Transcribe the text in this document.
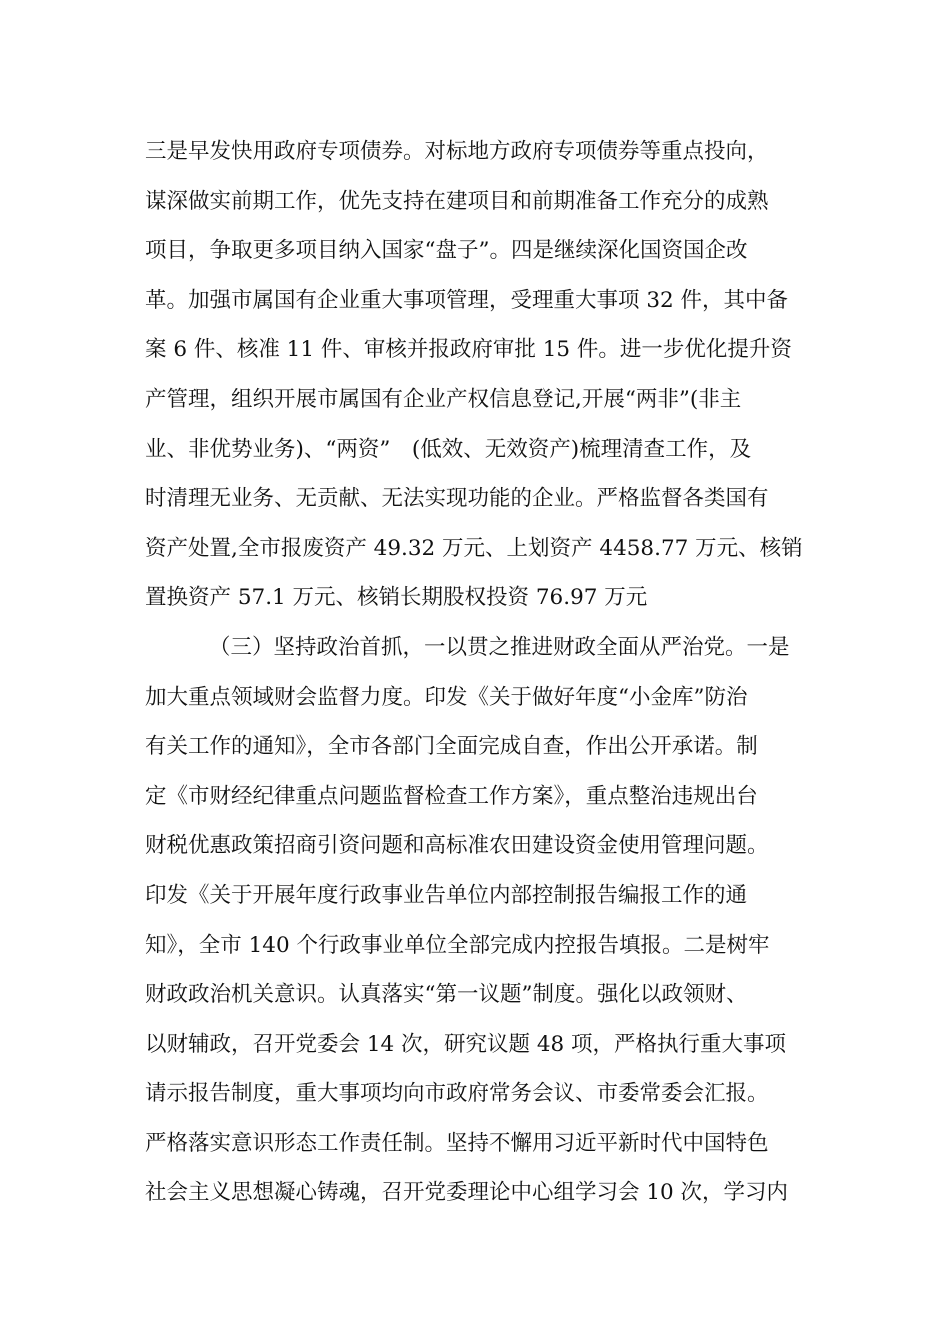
三是早发快用政府专项债券。对标地方政府专项债券等重点投向，
谋深做实前期工作，优先支持在建项目和前期准备工作充分的成熟
项目，争取更多项目纳入国家“盘子”。四是继续深化国资国企改
革。加强市属国有企业重大事项管理，受理重大事项 32 件，其中备
案 6 件、核准 11 件、审核并报政府审批 15 件。进一步优化提升资
产管理，组织开展市属国有企业产权信息登记,开展“两非”(非主
业、非优势业务)、“两资”　(低效、无效资产)梳理清查工作，及
时清理无业务、无贡献、无法实现功能的企业。严格监督各类国有
资产处置,全市报废资产 49.32 万元、上划资产 4458.77 万元、核销
置换资产 57.1 万元、核销长期股权投资 76.97 万元
（三）坚持政治首抓，一以贯之推进财政全面从严治党。一是
加大重点领域财会监督力度。印发《关于做好年度“小金库”防治
有关工作的通知》，全市各部门全面完成自查，作出公开承诺。制
定《市财经纪律重点问题监督检查工作方案》，重点整治违规出台
财税优惠政策招商引资问题和高标准农田建设资金使用管理问题。
印发《关于开展年度行政事业告单位内部控制报告编报工作的通
知》，全市 140 个行政事业单位全部完成内控报告填报。二是树牢
财政政治机关意识。认真落实“第一议题”制度。强化以政领财、
以财辅政，召开党委会 14 次，研究议题 48 项，严格执行重大事项
请示报告制度，重大事项均向市政府常务会议、市委常委会汇报。
严格落实意识形态工作责任制。坚持不懈用习近平新时代中国特色
社会主义思想凝心铸魂，召开党委理论中心组学习会 10 次，学习内
